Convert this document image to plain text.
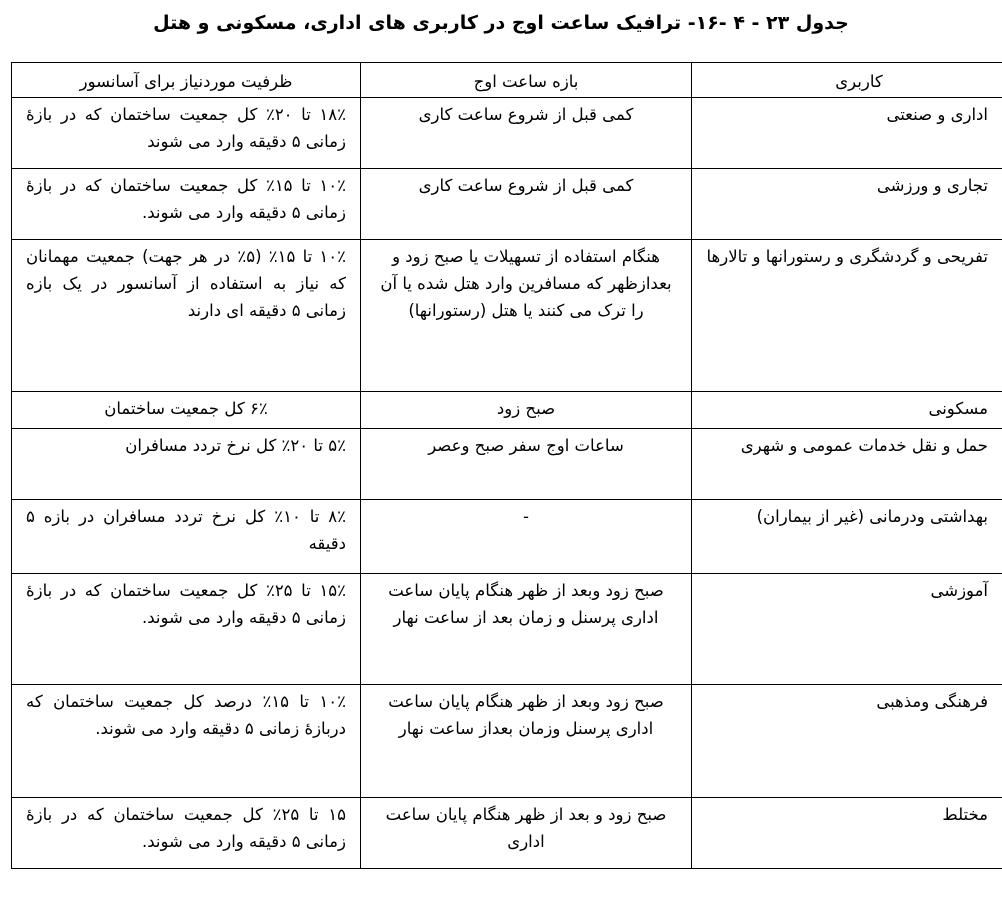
جدول ۲۳ - ۴ -۱۶- ترافیک ساعت اوج در کاربری های اداری، مسکونی و هتل
کاربری	بازه ساعت اوج	ظرفیت موردنیاز برای آسانسور
اداری و صنعتی	کمی قبل از شروع ساعت کاری	۱۸٪ تا ۲۰٪ کل جمعیت ساختمان که در بازهٔ زمانی ۵ دقیقه وارد می شوند
تجاری و ورزشی	کمی قبل از شروع ساعت کاری	۱۰٪ تا ۱۵٪ کل جمعیت ساختمان که در بازهٔ زمانی ۵ دقیقه وارد می شوند.
تفریحی و گردشگری و رستورانها و تالارها	هنگام استفاده از تسهیلات یا صبح زود و بعدازظهر که مسافرین وارد هتل شده یا آن را ترک می کنند یا هتل (رستورانها)	۱۰٪ تا ۱۵٪ (۵٪ در هر جهت) جمعیت مهمانان که نیاز به استفاده از آسانسور در یک بازه زمانی ۵ دقیقه ای دارند
مسکونی	صبح زود	۶٪ کل جمعیت ساختمان
حمل و نقل خدمات عمومی و شهری	ساعات اوج سفر صبح وعصر	۵٪ تا ۲۰٪ کل نرخ تردد مسافران
بهداشتی ودرمانی (غیر از بیماران)	-	۸٪ تا ۱۰٪ کل نرخ تردد مسافران در بازه ۵ دقیقه
آموزشی	صبح زود وبعد از ظهر هنگام پایان ساعت اداری پرسنل و زمان بعد از ساعت نهار	۱۵٪ تا ۲۵٪ کل جمعیت ساختمان که در بازهٔ زمانی ۵ دقیقه وارد می شوند.
فرهنگی ومذهبی	صبح زود وبعد از ظهر هنگام پایان ساعت اداری پرسنل وزمان بعداز ساعت نهار	۱۰٪ تا ۱۵٪ درصد کل جمعیت ساختمان که دربازهٔ زمانی ۵ دقیقه وارد می شوند.
مختلط	صبح زود و بعد از ظهر هنگام پایان ساعت اداری	۱۵ تا ۲۵٪ کل جمعیت ساختمان که در بازهٔ زمانی ۵ دقیقه وارد می شوند.
